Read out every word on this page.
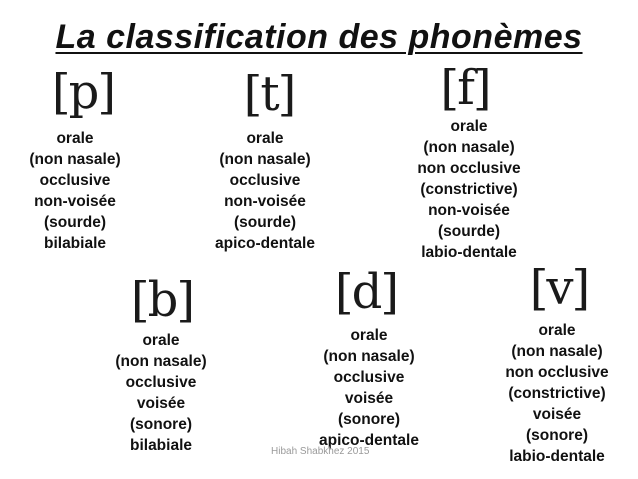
La classification des phonèmes
[p]
orale
(non nasale)
occlusive
non-voisée
(sourde)
bilabiale
[t]
orale
(non nasale)
occlusive
non-voisée
(sourde)
apico-dentale
[f]
orale
(non nasale)
non occlusive
(constrictive)
non-voisée
(sourde)
labio-dentale
[b]
orale
(non nasale)
occlusive
voisée
(sonore)
bilabiale
[d]
orale
(non nasale)
occlusive
voisée
(sonore)
apico-dentale
[v]
orale
(non nasale)
non occlusive
(constrictive)
voisée
(sonore)
labio-dentale
Hibah Shabkhez 2015
